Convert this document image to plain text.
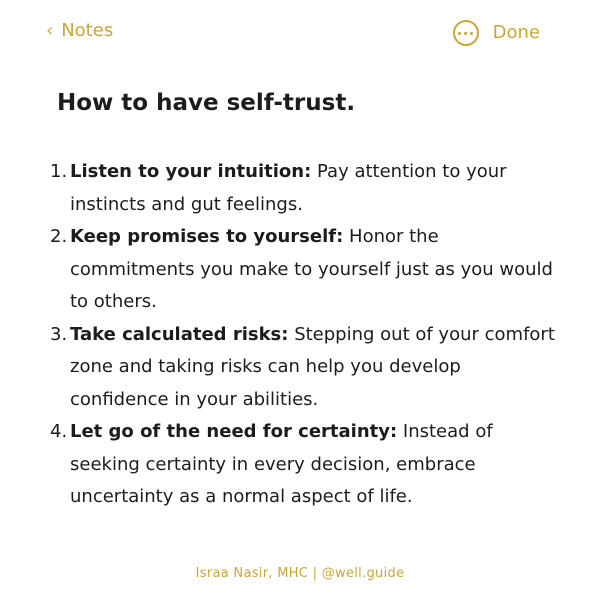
‹ Notes	Done
How to have self-trust.
1. Listen to your intuition: Pay attention to your instincts and gut feelings.
2. Keep promises to yourself: Honor the commitments you make to yourself just as you would to others.
3. Take calculated risks: Stepping out of your comfort zone and taking risks can help you develop confidence in your abilities.
4. Let go of the need for certainty: Instead of seeking certainty in every decision, embrace uncertainty as a normal aspect of life.
Israa Nasir, MHC | @well.guide
